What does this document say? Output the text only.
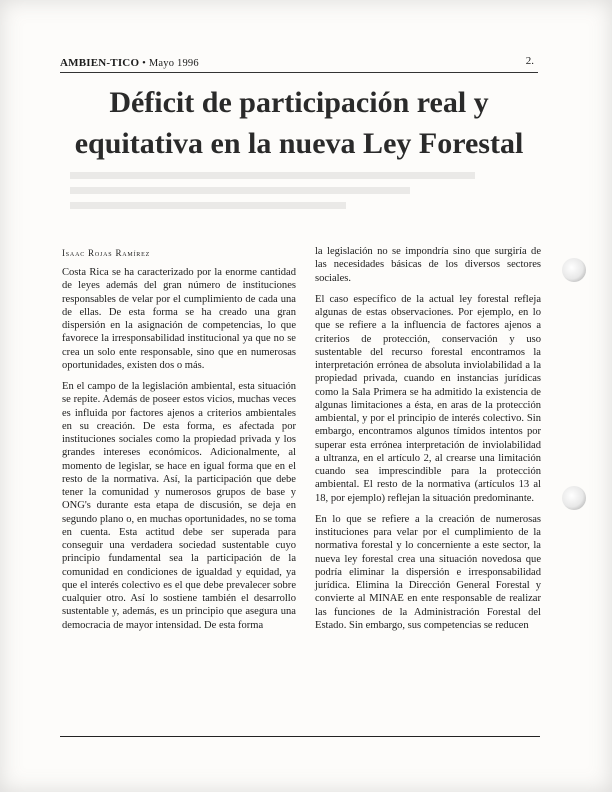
AMBIEN-TICO • Mayo 1996	2.
Déficit de participación real y equitativa en la nueva Ley Forestal
Isaac Rojas Ramírez

Costa Rica se ha caracterizado por la enorme cantidad de leyes además del gran número de instituciones responsables de velar por el cumplimiento de cada una de ellas. De esta forma se ha creado una gran dispersión en la asignación de competencias, lo que favorece la irresponsabilidad institucional ya que no se crea un solo ente responsable, sino que en numerosas oportunidades, existen dos o más.

En el campo de la legislación ambiental, esta situación se repite. Además de poseer estos vicios, muchas veces es influida por factores ajenos a criterios ambientales en su creación. De esta forma, es afectada por instituciones sociales como la propiedad privada y los grandes intereses económicos. Adicionalmente, al momento de legislar, se hace en igual forma que en el resto de la normativa. Así, la participación que debe tener la comunidad y numerosos grupos de base y ONG's durante esta etapa de discusión, se deja en segundo plano o, en muchas oportunidades, no se toma en cuenta. Esta actitud debe ser superada para conseguir una verdadera sociedad sustentable cuyo principio fundamental sea la participación de la comunidad en condiciones de igualdad y equidad, ya que el interés colectivo es el que debe prevalecer sobre cualquier otro. Así lo sostiene también el desarrollo sustentable y, además, es un principio que asegura una democracia de mayor intensidad. De esta forma

la legislación no se impondría sino que surgiría de las necesidades básicas de los diversos sectores sociales.

El caso específico de la actual ley forestal refleja algunas de estas observaciones. Por ejemplo, en lo que se refiere a la influencia de factores ajenos a criterios de protección, conservación y uso sustentable del recurso forestal encontramos la interpretación errónea de absoluta inviolabilidad a la propiedad privada, cuando en instancias jurídicas como la Sala Primera se ha admitido la existencia de algunas limitaciones a ésta, en aras de la protección ambiental, y por el principio de interés colectivo. Sin embargo, encontramos algunos tímidos intentos por superar esta errónea interpretación de inviolabilidad a ultranza, en el artículo 2, al crearse una limitación cuando sea imprescindible para la protección ambiental. El resto de la normativa (artículos 13 al 18, por ejemplo) reflejan la situación predominante.

En lo que se refiere a la creación de numerosas instituciones para velar por el cumplimiento de la normativa forestal y lo concerniente a este sector, la nueva ley forestal crea una situación novedosa que podría eliminar la dispersión e irresponsabilidad jurídica. Elimina la Dirección General Forestal y convierte al MINAE en ente responsable de realizar las funciones de la Administración Forestal del Estado. Sin embargo, sus competencias se reducen
